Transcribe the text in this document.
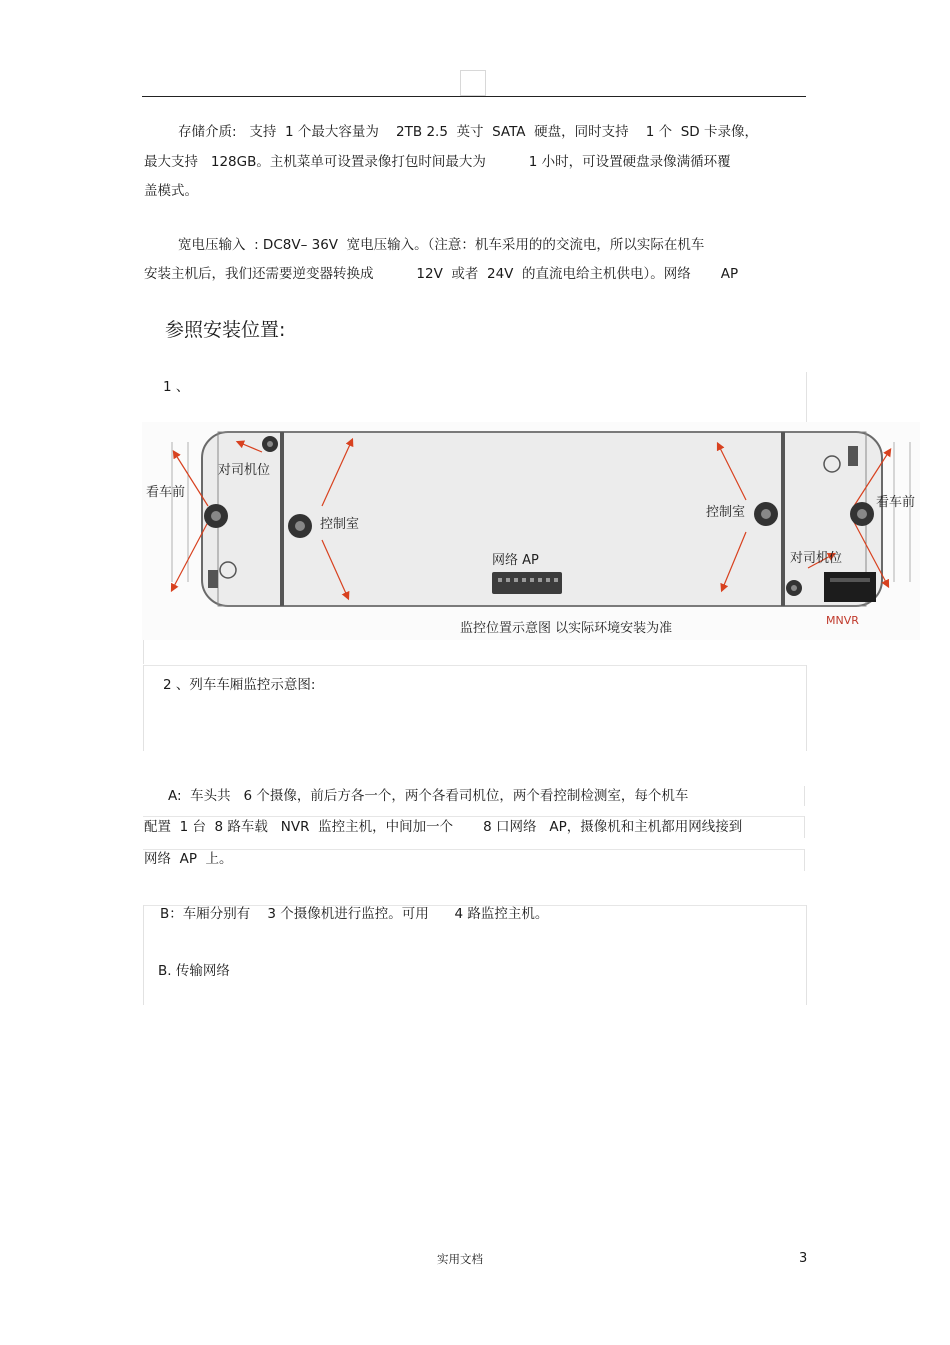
存储介质:   支持  1 个最大容量为    2TB 2.5  英寸  SATA  硬盘，同时支持    1 个  SD 卡录像，
最大支持   128GB。主机菜单可设置录像打包时间最大为          1 小时，可设置硬盘录像满循环覆
盖模式。
宽电压输入  : DC8V– 36V  宽电压输入。（注意：机车采用的的交流电，所以实际在机车
安装主机后，我们还需要逆变器转换成          12V  或者  24V  的直流电给主机供电）。网络       AP
参照安装位置:
1 、
看车前
对司机位
控制室
控制室
看车前
对司机位
网络 AP
监控位置示意图 以实际环境安装为准
MNVR
2 、列车车厢监控示意图:
A:  车头共   6 个摄像，前后方各一个，两个各看司机位，两个看控制检测室，每个机车
配置  1 台  8 路车载   NVR  监控主机，中间加一个       8 口网络   AP，摄像机和主机都用网线接到
网络  AP  上。
B：车厢分别有    3 个摄像机进行监控。可用      4 路监控主机。
B. 传输网络
实用文档	3
